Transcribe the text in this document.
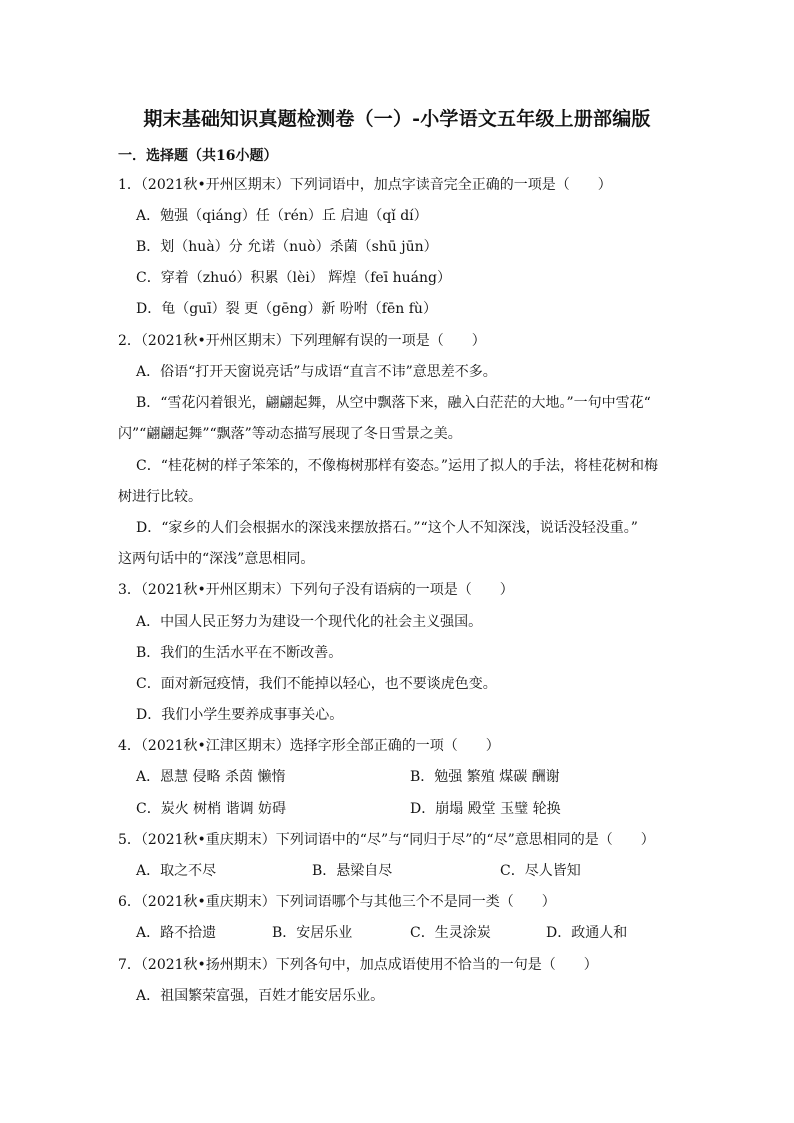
期末基础知识真题检测卷（一）-小学语文五年级上册部编版
一．选择题（共16小题）
1．（2021秋•开州区期末）下列词语中，加点字读音完全正确的一项是（　　）
A．勉强（qiáng）任（rén）丘 启迪（qǐ dí）
B．划（huà）分 允诺（nuò）杀菌（shū jūn）
C．穿着（zhuó）积累（lèi） 辉煌（feī huáng）
D．龟（guī）裂 更（gēng）新 吩咐（fēn fù）
2．（2021秋•开州区期末）下列理解有误的一项是（　　）
A．俗语“打开天窗说亮话”与成语“直言不讳”意思差不多。
B．“雪花闪着银光，翩翩起舞，从空中飘落下来，融入白茫茫的大地。”一句中雪花“
闪”“翩翩起舞”“飘落”等动态描写展现了冬日雪景之美。
C．“桂花树的样子笨笨的，不像梅树那样有姿态。”运用了拟人的手法，将桂花树和梅
树进行比较。
D．“家乡的人们会根据水的深浅来摆放搭石。”“这个人不知深浅，说话没轻没重。”
这两句话中的“深浅”意思相同。
3．（2021秋•开州区期末）下列句子没有语病的一项是（　　）
A．中国人民正努力为建设一个现代化的社会主义强国。
B．我们的生活水平在不断改善。
C．面对新冠疫情，我们不能掉以轻心，也不要谈虎色变。
D．我们小学生要养成事事关心。
4．（2021秋•江津区期末）选择字形全部正确的一项（　　）
A．恩慧 侵略 杀茵 懒惰	B．勉强 繁殖 煤碳 酬谢
C．炭火 树梢 谐调 妨碍	D．崩塌 殿堂 玉璧 轮换
5．（2021秋•重庆期末）下列词语中的“尽”与“同归于尽”的“尽”意思相同的是（　　）
A．取之不尽	B．悬梁自尽	C．尽人皆知
6．（2021秋•重庆期末）下列词语哪个与其他三个不是同一类（　　）
A．路不拾遗	B．安居乐业	C．生灵涂炭	D．政通人和
7．（2021秋•扬州期末）下列各句中，加点成语使用不恰当的一句是（　　）
A．祖国繁荣富强，百姓才能安居乐业。
